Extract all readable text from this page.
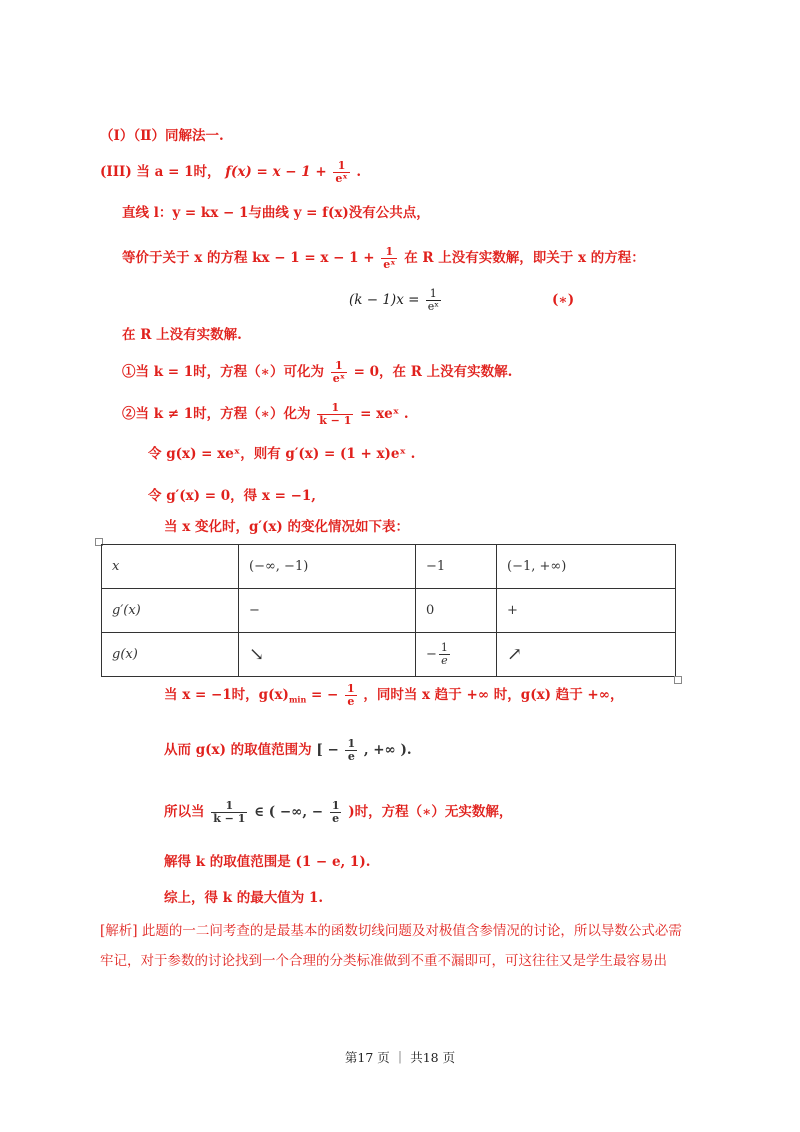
（Ⅰ）（Ⅱ）同解法一.
(III) 当 a = 1时， $f(x) = x - 1 + \frac{1}{\text{eˣ}}$ .
直线 l：y = kx − 1与曲线 y = f(x)没有公共点，
等价于关于 x 的方程 kx − $1 = x - 1 + \frac{1}{\text{eˣ}}$ 在 R 上没有实数解，即关于 x 的方程：
$(k - 1)x = \frac{1}{\text{eˣ}}$	(∗)
在 R 上没有实数解.
①当 k = 1时，方程（∗）可化为 $\frac{1}{\text{eˣ}} = 0$，在 R 上没有实数解.
②当 k ≠ 1时，方程（∗）化为 $\frac{1}{k - 1}$ = xeˣ .
令 g(x) = xeˣ，则有 g′(x) = (1 + x)eˣ .
令 g′(x) = 0，得 x = −1,
当 x 变化时，g′(x) 的变化情况如下表：
x	(−∞, −1)	−1	(−1, +∞)
g′(x)	−	0	+
g(x)	↘	− $\frac{1}{e}$	↗
当 x = −1时，$g(x)_{min}$ = − $\frac{1}{e}$ ，同时当 x 趋于 +∞ 时，g(x) 趋于 +∞，
从而 g(x) 的取值范围为 [ − $\frac{1}{e}$ , +∞ ).
所以当 $\frac{1}{k - 1}$ ∈ ( −∞, − $\frac{1}{e}$ )时，方程（∗）无实数解，
解得 k 的取值范围是 (1 − e, 1).
综上，得 k 的最大值为 1.
[解析] 此题的一二问考查的是最基本的函数切线问题及对极值含参情况的讨论，所以导数公式必需
牢记，对于参数的讨论找到一个合理的分类标准做到不重不漏即可，可这往往又是学生最容易出
第17 页 ｜ 共18 页
